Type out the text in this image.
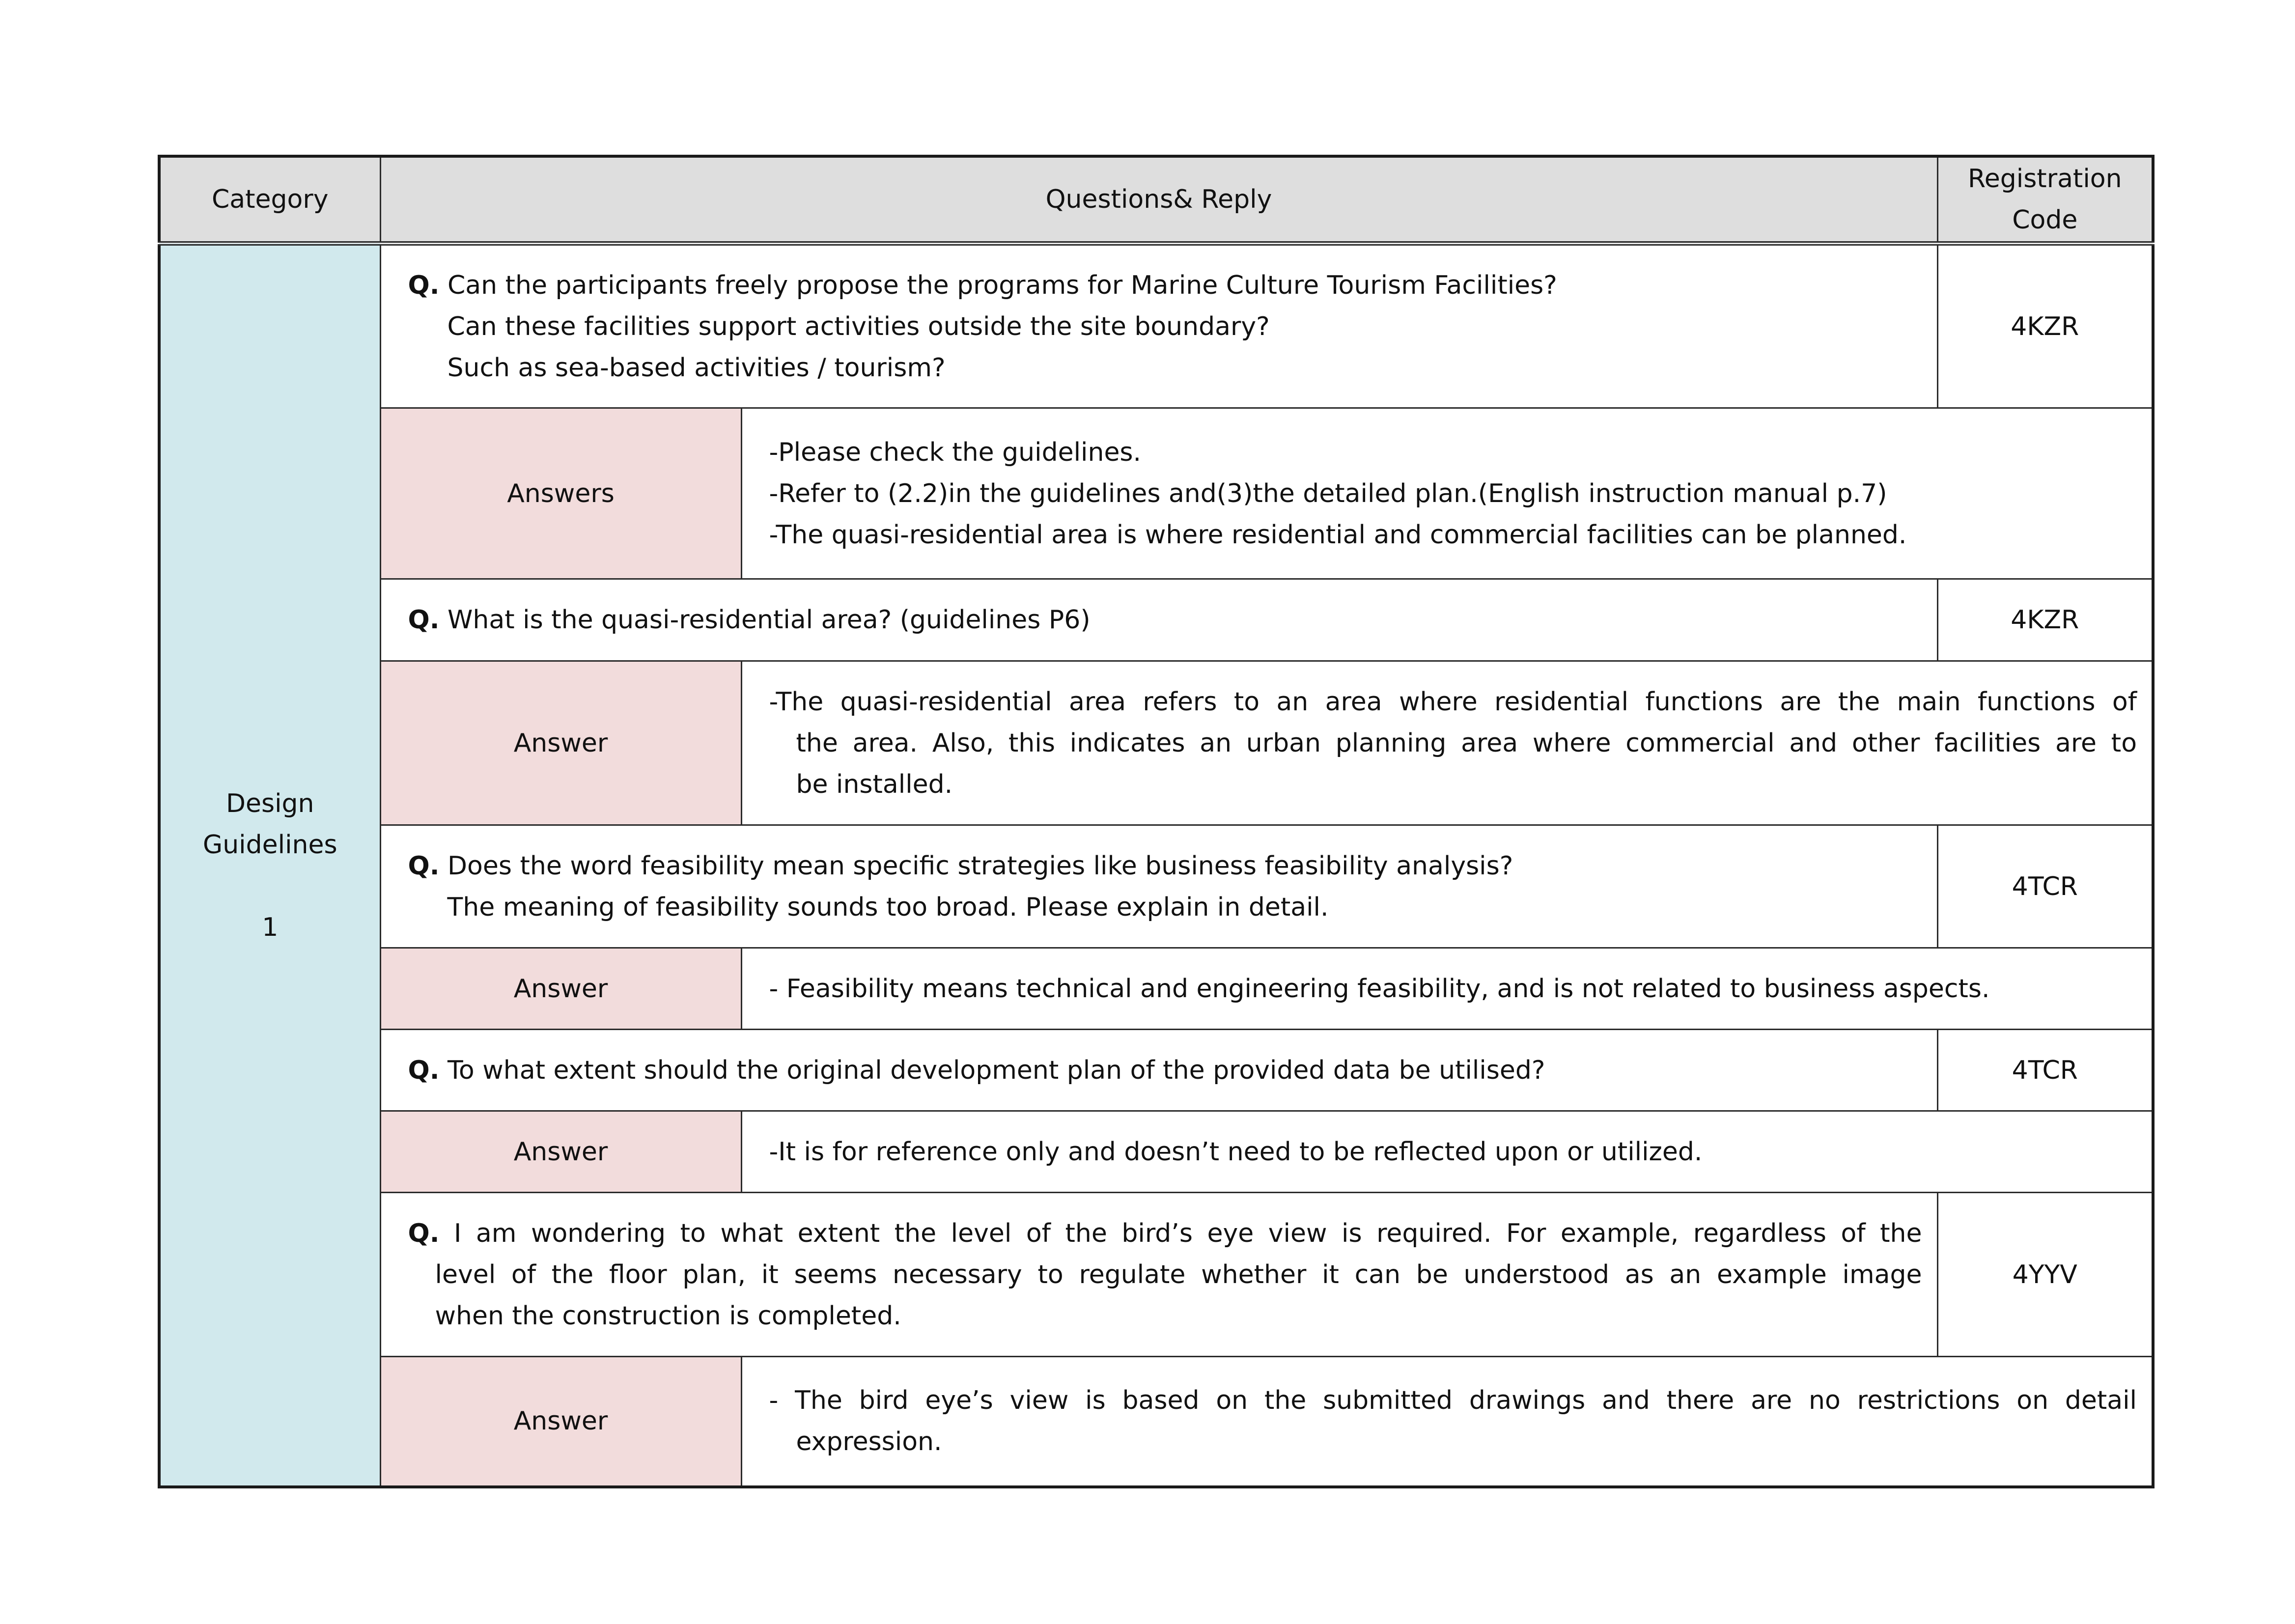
Category	Questions& Reply		Registration
Code

Design
Guidelines
1	Q. Can the participants freely propose the programs for Marine Culture Tourism Facilities?
Can these facilities support activities outside the site boundary?
Such as sea-based activities / tourism?		4KZR
	Answers	-Please check the guidelines.
-Refer to (2.2)in the guidelines and(3)the detailed plan.(English instruction manual p.7)
-The quasi-residential area is where residential and commercial facilities can be planned.	

	Q. What is the quasi-residential area? (guidelines P6)		4KZR
	Answer	-The quasi-residential area refers to an area where residential functions are the main functions of
the area. Also, this indicates an urban planning area where commercial and other facilities are to
be installed.	

	Q. Does the word feasibility mean specific strategies like business feasibility analysis?
The meaning of feasibility sounds too broad. Please explain in detail.		4TCR
	Answer	- Feasibility means technical and engineering feasibility, and is not related to business aspects.	

	Q. To what extent should the original development plan of the provided data be utilised?		4TCR
	Answer	-It is for reference only and doesn’t need to be reflected upon or utilized.	

	Q. I am wondering to what extent the level of the bird’s eye view is required. For example, regardless of the
level of the floor plan, it seems necessary to regulate whether it can be understood as an example image
when the construction is completed.		4YYV
	Answer	- The bird eye’s view is based on the submitted drawings and there are no restrictions on detail
expression.	
